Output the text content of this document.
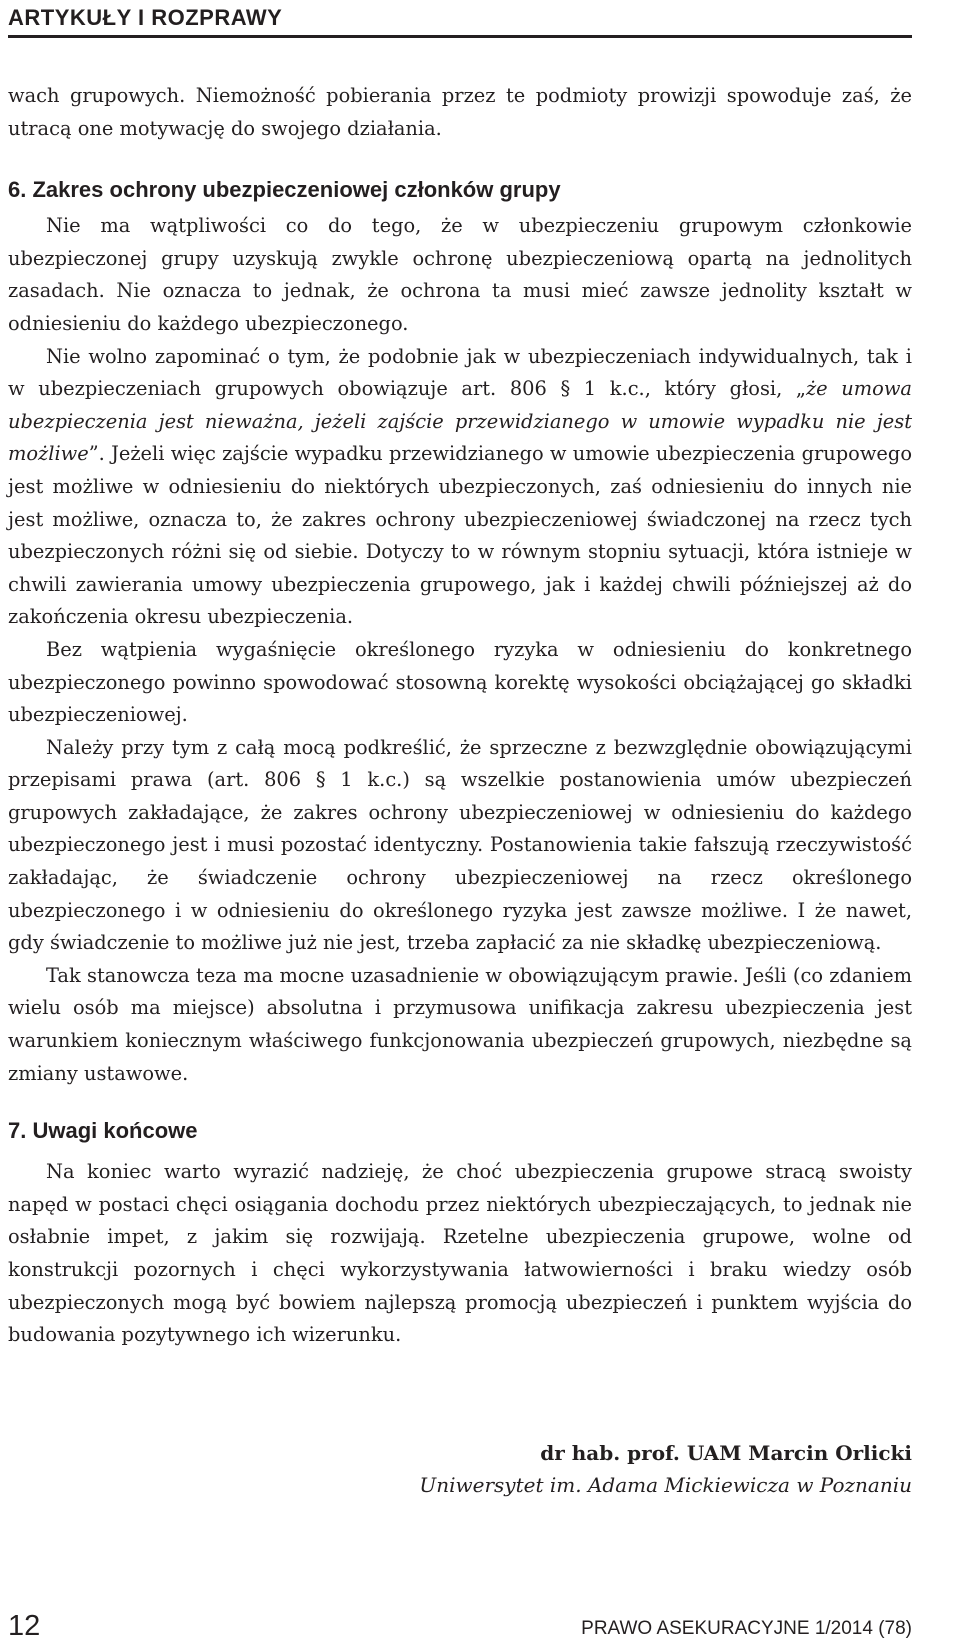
ARTYKUŁY I ROZPRAWY

wach grupowych. Niemożność pobierania przez te podmioty prowizji spowoduje zaś, że utracą one motywację do swojego działania.

6. Zakres ochrony ubezpieczeniowej członków grupy

Nie ma wątpliwości co do tego, że w ubezpieczeniu grupowym członkowie ubezpieczonej grupy uzyskują zwykle ochronę ubezpieczeniową opartą na jednolitych zasadach. Nie oznacza to jednak, że ochrona ta musi mieć zawsze jednolity kształt w odniesieniu do każdego ubezpieczonego.

Nie wolno zapominać o tym, że podobnie jak w ubezpieczeniach indywidualnych, tak i w ubezpieczeniach grupowych obowiązuje art. 806 § 1 k.c., który głosi, „że umowa ubezpieczenia jest nieważna, jeżeli zajście przewidzianego w umowie wypadku nie jest możliwe”. Jeżeli więc zajście wypadku przewidzianego w umowie ubezpieczenia grupowego jest możliwe w odniesieniu do niektórych ubezpieczonych, zaś odniesieniu do innych nie jest możliwe, oznacza to, że zakres ochrony ubezpieczeniowej świadczonej na rzecz tych ubezpieczonych różni się od siebie. Dotyczy to w równym stopniu sytuacji, która istnieje w chwili zawierania umowy ubezpieczenia grupowego, jak i każdej chwili późniejszej aż do zakończenia okresu ubezpieczenia.

Bez wątpienia wygaśnięcie określonego ryzyka w odniesieniu do konkretnego ubezpieczonego powinno spowodować stosowną korektę wysokości obciążającej go składki ubezpieczeniowej.

Należy przy tym z całą mocą podkreślić, że sprzeczne z bezwzględnie obowiązującymi przepisami prawa (art. 806 § 1 k.c.) są wszelkie postanowienia umów ubezpieczeń grupowych zakładające, że zakres ochrony ubezpieczeniowej w odniesieniu do każdego ubezpieczonego jest i musi pozostać identyczny. Postanowienia takie fałszują rzeczywistość zakładając, że świadczenie ochrony ubezpieczeniowej na rzecz określonego ubezpieczonego i w odniesieniu do określonego ryzyka jest zawsze możliwe. I że nawet, gdy świadczenie to możliwe już nie jest, trzeba zapłacić za nie składkę ubezpieczeniową.

Tak stanowcza teza ma mocne uzasadnienie w obowiązującym prawie. Jeśli (co zdaniem wielu osób ma miejsce) absolutna i przymusowa unifikacja zakresu ubezpieczenia jest warunkiem koniecznym właściwego funkcjonowania ubezpieczeń grupowych, niezbędne są zmiany ustawowe.

7. Uwagi końcowe

Na koniec warto wyrazić nadzieję, że choć ubezpieczenia grupowe stracą swoisty napęd w postaci chęci osiągania dochodu przez niektórych ubezpieczających, to jednak nie osłabnie impet, z jakim się rozwijają. Rzetelne ubezpieczenia grupowe, wolne od konstrukcji pozornych i chęci wykorzystywania łatwowierności i braku wiedzy osób ubezpieczonych mogą być bowiem najlepszą promocją ubezpieczeń i punktem wyjścia do budowania pozytywnego ich wizerunku.

dr hab. prof. UAM Marcin Orlicki
Uniwersytet im. Adama Mickiewicza w Poznaniu
12	PRAWO ASEKURACYJNE 1/2014 (78)
